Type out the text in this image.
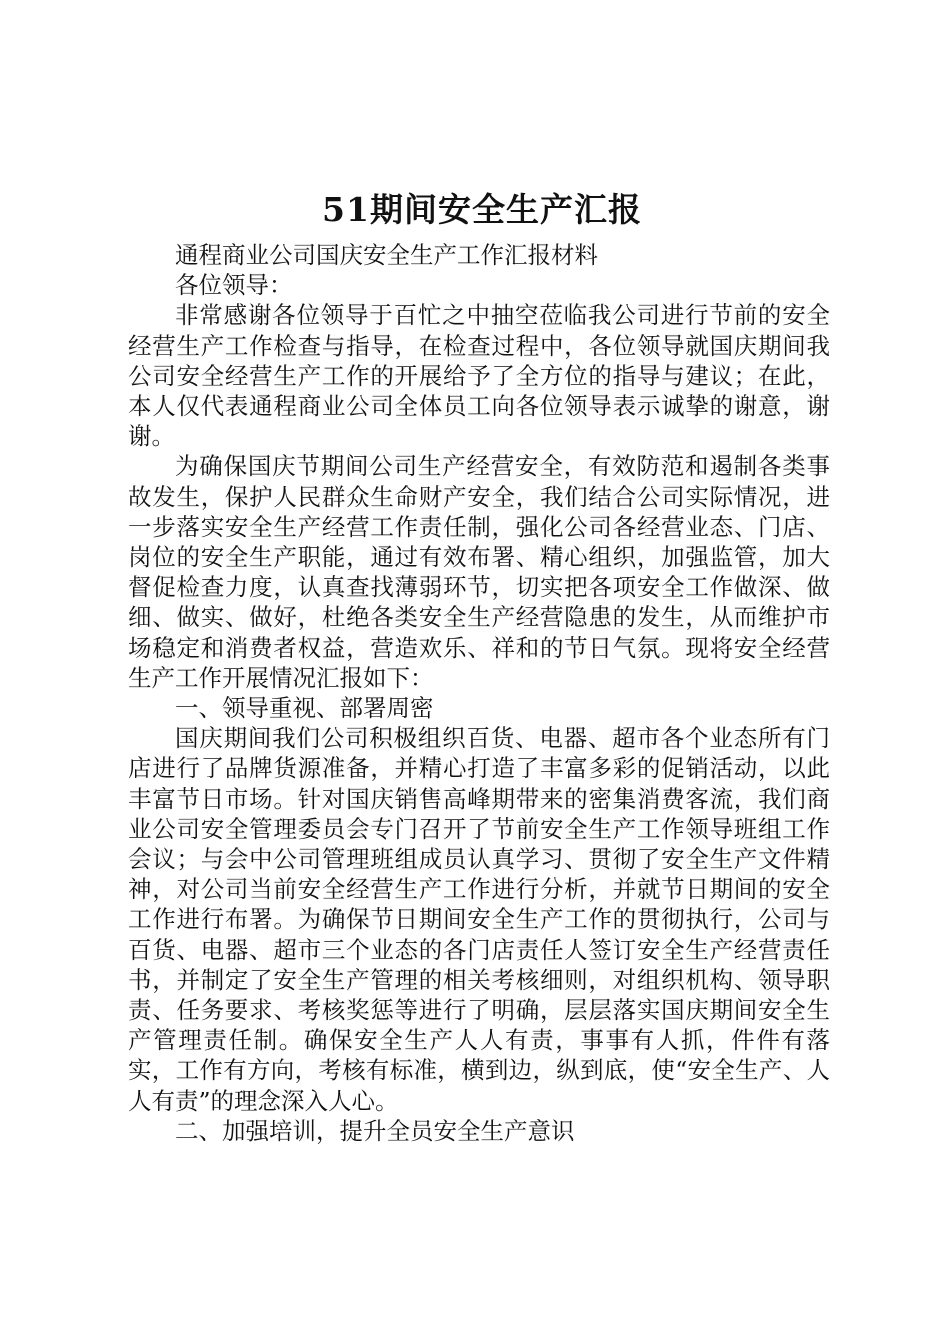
51期间安全生产汇报

通程商业公司国庆安全生产工作汇报材料

各位领导：

非常感谢各位领导于百忙之中抽空莅临我公司进行节前的安全经营生产工作检查与指导，在检查过程中，各位领导就国庆期间我公司安全经营生产工作的开展给予了全方位的指导与建议；在此，本人仅代表通程商业公司全体员工向各位领导表示诚挚的谢意，谢谢。

为确保国庆节期间公司生产经营安全，有效防范和遏制各类事故发生，保护人民群众生命财产安全，我们结合公司实际情况，进一步落实安全生产经营工作责任制，强化公司各经营业态、门店、岗位的安全生产职能，通过有效布署、精心组织，加强监管，加大督促检查力度，认真查找薄弱环节，切实把各项安全工作做深、做细、做实、做好，杜绝各类安全生产经营隐患的发生，从而维护市场稳定和消费者权益，营造欢乐、祥和的节日气氛。现将安全经营生产工作开展情况汇报如下：

一、领导重视、部署周密

国庆期间我们公司积极组织百货、电器、超市各个业态所有门店进行了品牌货源准备，并精心打造了丰富多彩的促销活动，以此丰富节日市场。针对国庆销售高峰期带来的密集消费客流，我们商业公司安全管理委员会专门召开了节前安全生产工作领导班组工作会议；与会中公司管理班组成员认真学习、贯彻了安全生产文件精神，对公司当前安全经营生产工作进行分析，并就节日期间的安全工作进行布署。为确保节日期间安全生产工作的贯彻执行，公司与百货、电器、超市三个业态的各门店责任人签订安全生产经营责任书，并制定了安全生产管理的相关考核细则，对组织机构、领导职责、任务要求、考核奖惩等进行了明确，层层落实国庆期间安全生产管理责任制。确保安全生产人人有责，事事有人抓，件件有落实，工作有方向，考核有标准，横到边，纵到底，使“安全生产、人人有责”的理念深入人心。

二、加强培训，提升全员安全生产意识
